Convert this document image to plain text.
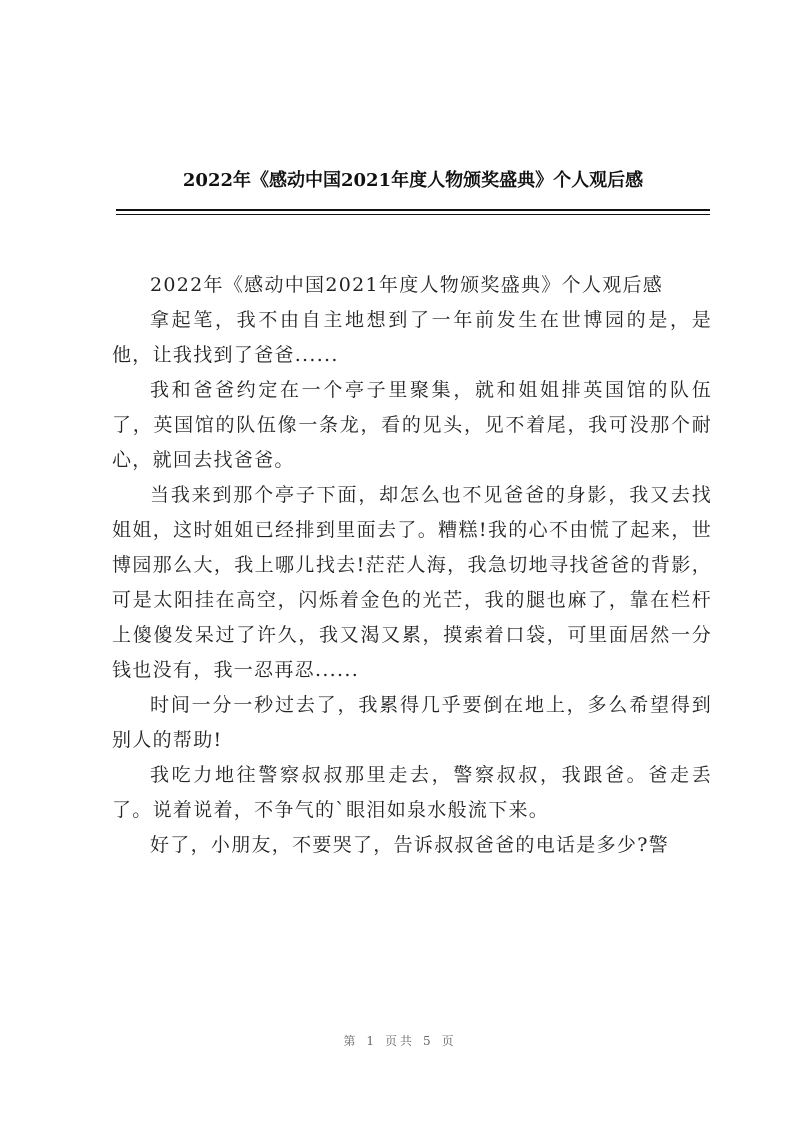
2022年《感动中国2021年度人物颁奖盛典》个人观后感

2022年《感动中国2021年度人物颁奖盛典》个人观后感

拿起笔，我不由自主地想到了一年前发生在世博园的是，是他，让我找到了爸爸......

我和爸爸约定在一个亭子里聚集，就和姐姐排英国馆的队伍了，英国馆的队伍像一条龙，看的见头，见不着尾，我可没那个耐心，就回去找爸爸。

当我来到那个亭子下面，却怎么也不见爸爸的身影，我又去找姐姐，这时姐姐已经排到里面去了。糟糕!我的心不由慌了起来，世博园那么大，我上哪儿找去!茫茫人海，我急切地寻找爸爸的背影，可是太阳挂在高空，闪烁着金色的光芒，我的腿也麻了，靠在栏杆上傻傻发呆过了许久，我又渴又累，摸索着口袋，可里面居然一分钱也没有，我一忍再忍......

时间一分一秒过去了，我累得几乎要倒在地上，多么希望得到别人的帮助!

我吃力地往警察叔叔那里走去，警察叔叔，我跟爸。爸走丢了。说着说着，不争气的`眼泪如泉水般流下来。

好了，小朋友，不要哭了，告诉叔叔爸爸的电话是多少?警

第 1 页共 5 页
